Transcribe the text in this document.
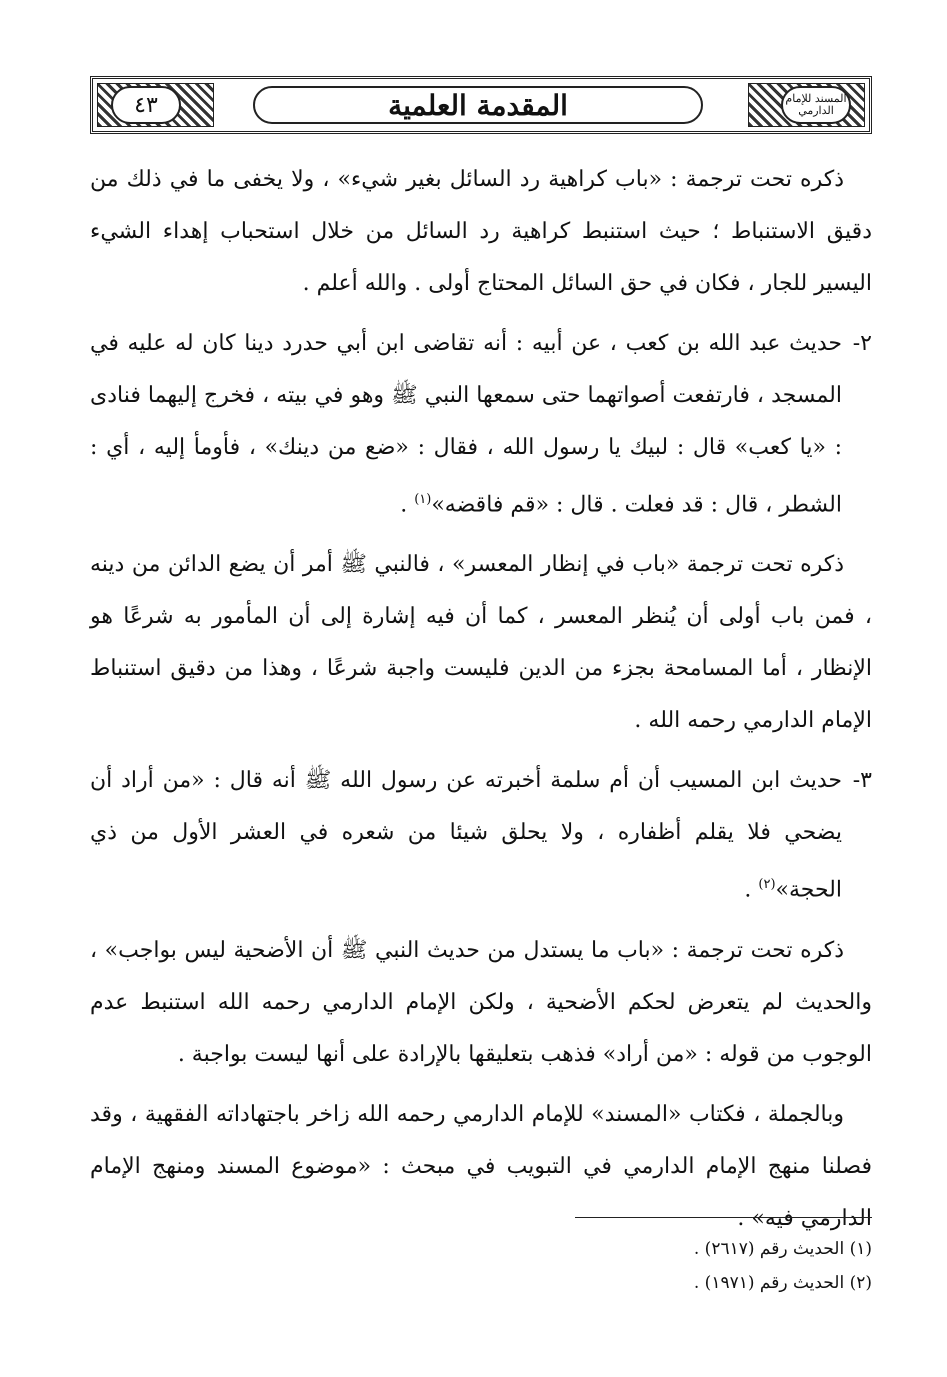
٤٣	المقدمة العلمية	المسند للإمام الدارمي

ذكره تحت ترجمة : «باب كراهية رد السائل بغير شيء» ، ولا يخفى ما في ذلك من دقيق الاستنباط ؛ حيث استنبط كراهية رد السائل من خلال استحباب إهداء الشيء اليسير للجار ، فكان في حق السائل المحتاج أولى . والله أعلم .

٢-
حديث عبد الله بن كعب ، عن أبيه : أنه تقاضى ابن أبي حدرد دينا كان له عليه في المسجد ، فارتفعت أصواتهما حتى سمعها النبي ﷺ وهو في بيته ، فخرج إليهما فنادى : «يا كعب» قال : لبيك يا رسول الله ، فقال : «ضع من دينك» ، فأومأ إليه ، أي : الشطر ، قال : قد فعلت . قال : «قم فاقضه»$^{(١)}$ .

ذكره تحت ترجمة «باب في إنظار المعسر» ، فالنبي ﷺ أمر أن يضع الدائن من دينه ، فمن باب أولى أن يُنظر المعسر ، كما أن فيه إشارة إلى أن المأمور به شرعًا هو الإنظار ، أما المسامحة بجزء من الدين فليست واجبة شرعًا ، وهذا من دقيق استنباط الإمام الدارمي رحمه الله .

٣-
حديث ابن المسيب أن أم سلمة أخبرته عن رسول الله ﷺ أنه قال : «من أراد أن يضحي فلا يقلم أظفاره ، ولا يحلق شيئا من شعره في العشر الأول من ذي الحجة»$^{(٢)}$ .

ذكره تحت ترجمة : «باب ما يستدل من حديث النبي ﷺ أن الأضحية ليس بواجب» ، والحديث لم يتعرض لحكم الأضحية ، ولكن الإمام الدارمي رحمه الله استنبط عدم الوجوب من قوله : «من أراد» فذهب بتعليقها بالإرادة على أنها ليست بواجبة .

وبالجملة ، فكتاب «المسند» للإمام الدارمي رحمه الله زاخر باجتهاداته الفقهية ، وقد فصلنا منهج الإمام الدارمي في التبويب في مبحث : «موضوع المسند ومنهج الإمام الدارمي فيه» .

(١) الحديث رقم (٢٦١٧) .
(٢) الحديث رقم (١٩٧١) .
